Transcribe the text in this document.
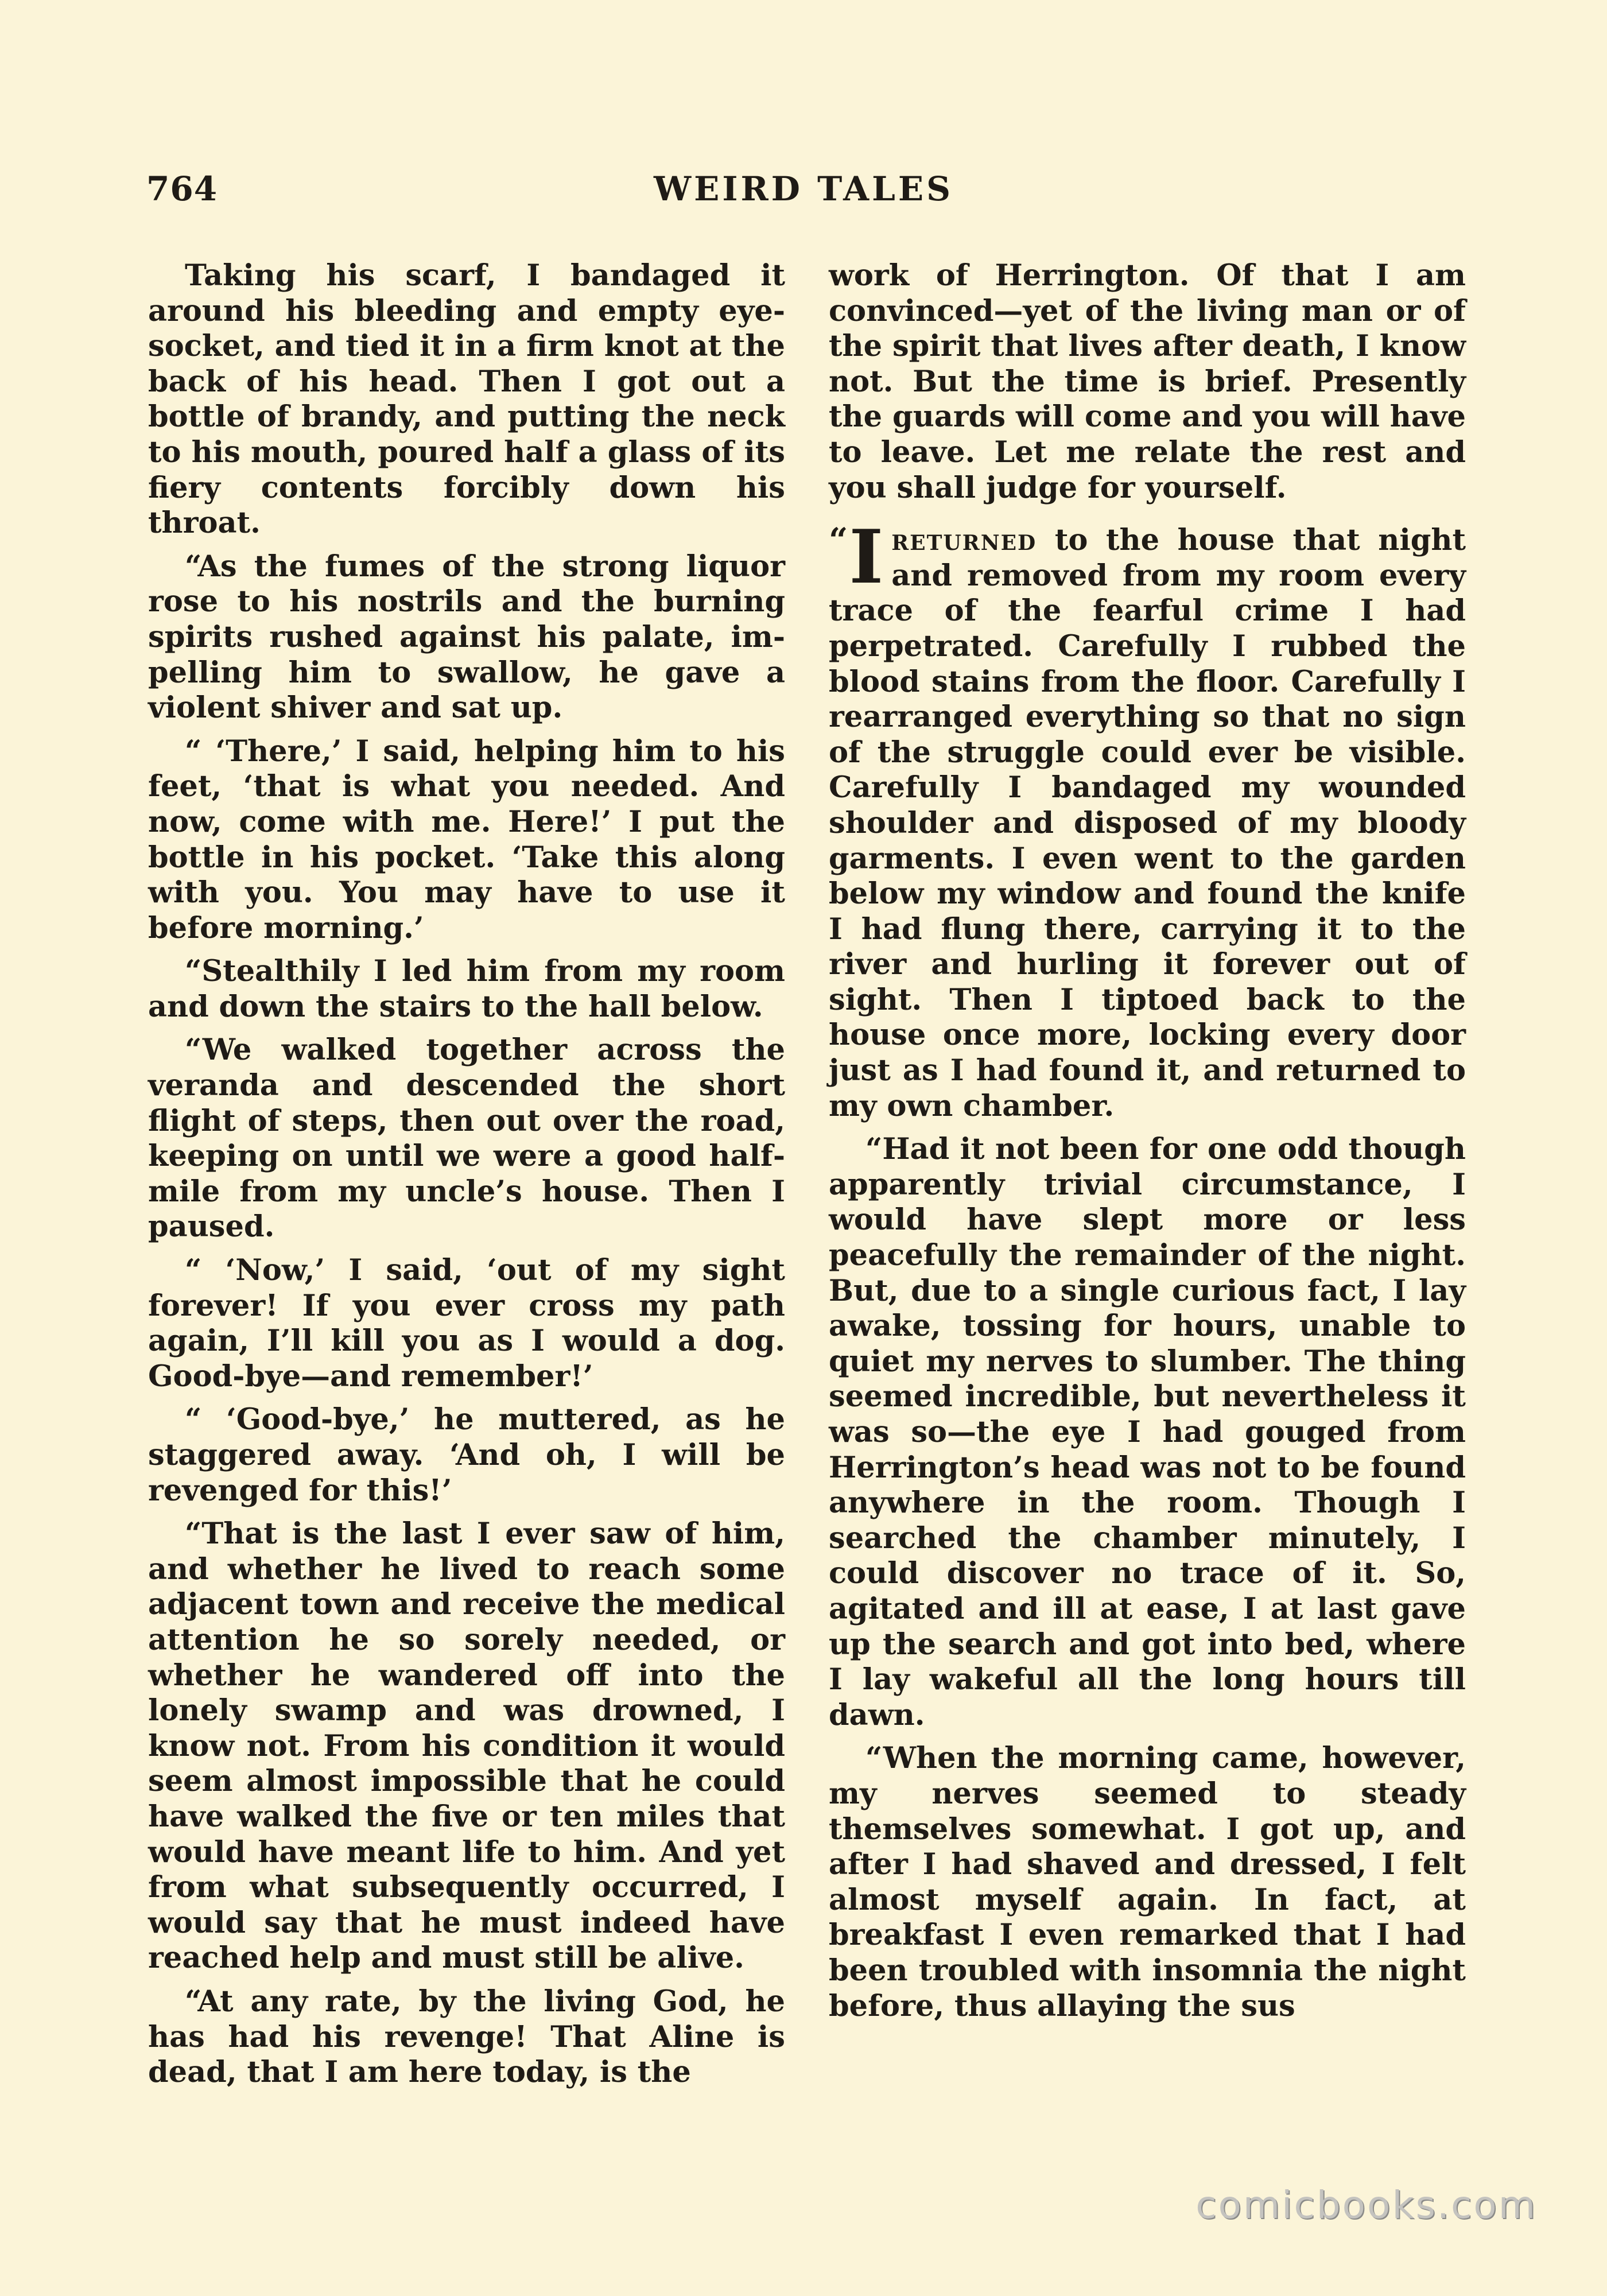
764	WEIRD TALES

Taking his scarf, I bandaged it around his bleeding and empty eyesocket, and tied it in a firm knot at the back of his head. Then I got out a bottle of brandy, and putting the neck to his mouth, poured half a glass of its fiery contents forcibly down his throat.

“As the fumes of the strong liquor rose to his nostrils and the burning spirits rushed against his palate, impelling him to swallow, he gave a violent shiver and sat up.

“ ‘There,’ I said, helping him to his feet, ‘that is what you needed. And now, come with me. Here!’ I put the bottle in his pocket. ‘Take this along with you. You may have to use it before morning.’

“Stealthily I led him from my room and down the stairs to the hall below.

“We walked together across the veranda and descended the short flight of steps, then out over the road, keeping on until we were a good halfmile from my uncle’s house. Then I paused.

“ ‘Now,’ I said, ‘out of my sight forever! If you ever cross my path again, I’ll kill you as I would a dog. Good-bye—and remember!’

“ ‘Good-bye,’ he muttered, as he staggered away. ‘And oh, I will be revenged for this!’

“That is the last I ever saw of him, and whether he lived to reach some adjacent town and receive the medical attention he so sorely needed, or whether he wandered off into the lonely swamp and was drowned, I know not. From his condition it would seem almost impossible that he could have walked the five or ten miles that would have meant life to him. And yet from what subsequently occurred, I would say that he must indeed have reached help and must still be alive.

“At any rate, by the living God, he has had his revenge! That Aline is dead, that I am here today, is the

work of Herrington. Of that I am convinced—yet of the living man or of the spirit that lives after death, I know not. But the time is brief. Presently the guards will come and you will have to leave. Let me relate the rest and you shall judge for yourself.

“ I returned to the house that night and removed from my room every trace of the fearful crime I had perpetrated. Carefully I rubbed the blood stains from the floor. Carefully I rearranged everything so that no sign of the struggle could ever be visible. Carefully I bandaged my wounded shoulder and disposed of my bloody garments. I even went to the garden below my window and found the knife I had flung there, carrying it to the river and hurling it forever out of sight. Then I tiptoed back to the house once more, locking every door just as I had found it, and returned to my own chamber.

“Had it not been for one odd though apparently trivial circumstance, I would have slept more or less peacefully the remainder of the night. But, due to a single curious fact, I lay awake, tossing for hours, unable to quiet my nerves to slumber. The thing seemed incredible, but nevertheless it was so—the eye I had gouged from Herrington’s head was not to be found anywhere in the room. Though I searched the chamber minutely, I could discover no trace of it. So, agitated and ill at ease, I at last gave up the search and got into bed, where I lay wakeful all the long hours till dawn.

“When the morning came, however, my nerves seemed to steady themselves somewhat. I got up, and after I had shaved and dressed, I felt almost myself again. In fact, at breakfast I even remarked that I had been troubled with insomnia the night before, thus allaying the sus

comicbooks.com
